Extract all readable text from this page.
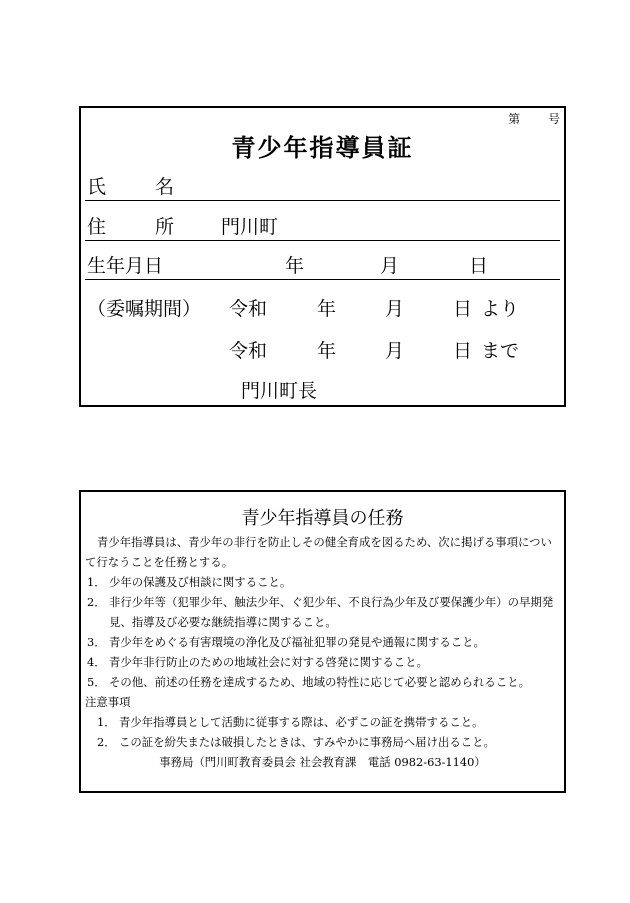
第 号
青少年指導員証
氏	名
住	所 門川町
生年月日	年	月	日
（委嘱期間） 令和	年	月	日 より
令和	年	月	日 まで
門川町長
青少年指導員の任務

青少年指導員は、青少年の非行を防止しその健全育成を図るため、次に掲げる事項について行なうことを任務とする。

1． 少年の保護及び相談に関すること。

2． 非行少年等（犯罪少年、触法少年、ぐ犯少年、不良行為少年及び要保護少年）の早期発見、指導及び必要な継続指導に関すること。

3． 青少年をめぐる有害環境の浄化及び福祉犯罪の発見や通報に関すること。

4． 青少年非行防止のための地域社会に対する啓発に関すること。

5． その他、前述の任務を達成するため、地域の特性に応じて必要と認められること。

注意事項

1． 青少年指導員として活動に従事する際は、必ずこの証を携帯すること。

2． この証を紛失または破損したときは、すみやかに事務局へ届け出ること。

事務局（門川町教育委員会 社会教育課　電話 0982-63-1140）
